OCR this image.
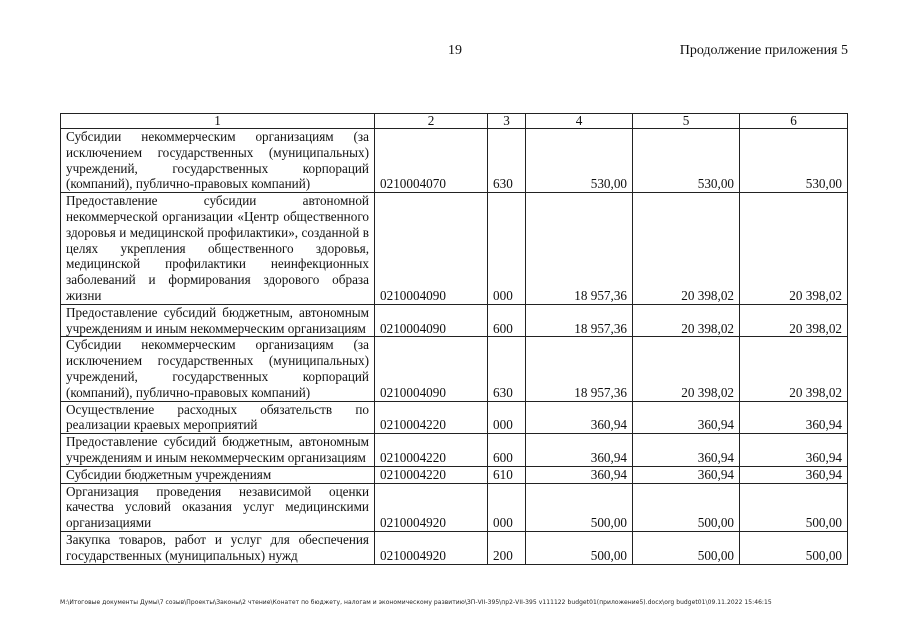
19	Продолжение приложения 5
1	2	3	4	5	6
Субсидии некоммерческим организациям (за исключением государственных (муниципальных) учреждений, государственных корпораций (компаний), публично-правовых компаний)	0210004070	630	530,00	530,00	530,00
Предоставление субсидии автономной некоммерческой организации «Центр общественного здоровья и медицинской профилактики», созданной в целях укрепления общественного здоровья, медицинской профилактики неинфекционных заболеваний и формирования здорового образа жизни	0210004090	000	18 957,36	20 398,02	20 398,02
Предоставление субсидий бюджетным, автономным учреждениям и иным некоммерческим организациям	0210004090	600	18 957,36	20 398,02	20 398,02
Субсидии некоммерческим организациям (за исключением государственных (муниципальных) учреждений, государственных корпораций (компаний), публично-правовых компаний)	0210004090	630	18 957,36	20 398,02	20 398,02
Осуществление расходных обязательств по реализации краевых мероприятий	0210004220	000	360,94	360,94	360,94
Предоставление субсидий бюджетным, автономным учреждениям и иным некоммерческим организациям	0210004220	600	360,94	360,94	360,94
Субсидии бюджетным учреждениям	0210004220	610	360,94	360,94	360,94
Организация проведения независимой оценки качества условий оказания услуг медицинскими организациями	0210004920	000	500,00	500,00	500,00
Закупка товаров, работ и услуг для обеспечения государственных (муниципальных) нужд	0210004920	200	500,00	500,00	500,00
M:\Итоговые документы Думы\7 созыв\Проекты\Законы\2 чтение\Конатет по бюджету, налогам и экономическому развитию\ЗП-VII-395\пр2-VII-395 v111122 budget01(приложение5).docx\org budget01\09.11.2022 15:46:15
